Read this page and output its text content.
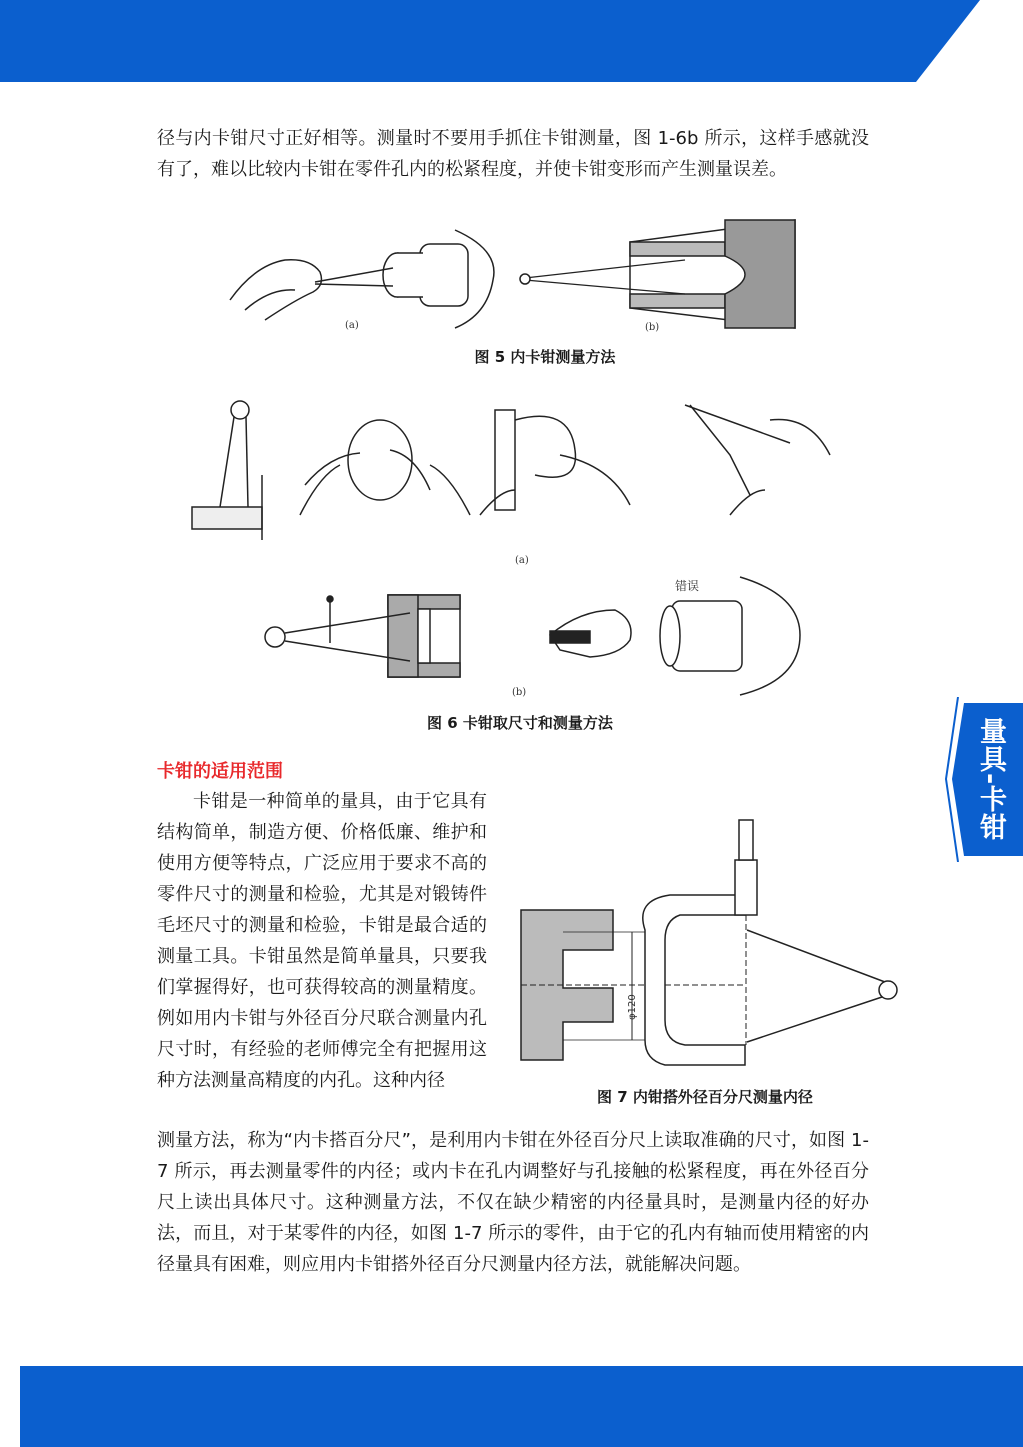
径与内卡钳尺寸正好相等。测量时不要用手抓住卡钳测量，图 1-6b 所示，这样手感就没有了，难以比较内卡钳在零件孔内的松紧程度，并使卡钳变形而产生测量误差。

(a)	(b)
图 5 内卡钳测量方法
(a)
错误
(b)
图 6 卡钳取尺寸和测量方法
卡钳的适用范围

卡钳是一种简单的量具，由于它具有结构简单，制造方便、价格低廉、维护和使用方便等特点，广泛应用于要求不高的零件尺寸的测量和检验，尤其是对锻铸件毛坯尺寸的测量和检验，卡钳是最合适的测量工具。卡钳虽然是简单量具，只要我们掌握得好，也可获得较高的测量精度。例如用内卡钳与外径百分尺联合测量内孔尺寸时，有经验的老师傅完全有把握用这种方法测量高精度的内孔。这种内径

φ120
图 7 内钳搭外径百分尺测量内径

测量方法，称为“内卡搭百分尺”，是利用内卡钳在外径百分尺上读取准确的尺寸，如图 1-7 所示，再去测量零件的内径；或内卡在孔内调整好与孔接触的松紧程度，再在外径百分尺上读出具体尺寸。这种测量方法，不仅在缺少精密的内径量具时，是测量内径的好办法，而且，对于某零件的内径，如图 1-7 所示的零件，由于它的孔内有轴而使用精密的内径量具有困难，则应用内卡钳搭外径百分尺测量内径方法，就能解决问题。

量具-卡钳
